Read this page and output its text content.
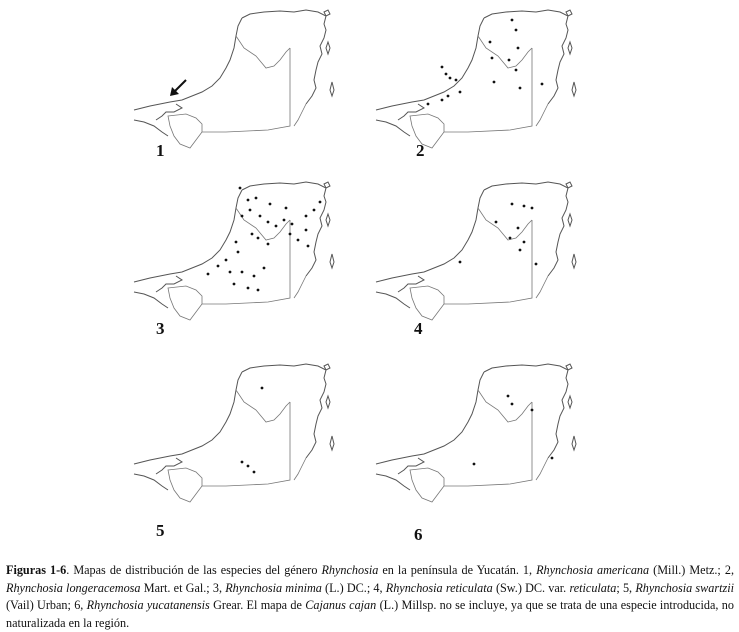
1	2
3	4
5	6
Figuras 1-6. Mapas de distribución de las especies del género Rhynchosia en la península de Yucatán. 1, Rhynchosia americana (Mill.) Metz.; 2, Rhynchosia longeracemosa Mart. et Gal.; 3, Rhynchosia minima (L.) DC.; 4, Rhynchosia reticulata (Sw.) DC. var. reticulata; 5, Rhynchosia swartzii (Vail) Urban; 6, Rhynchosia yucatanensis Grear. El mapa de Cajanus cajan (L.) Millsp. no se incluye, ya que se trata de una especie introducida, no naturalizada en la región.
